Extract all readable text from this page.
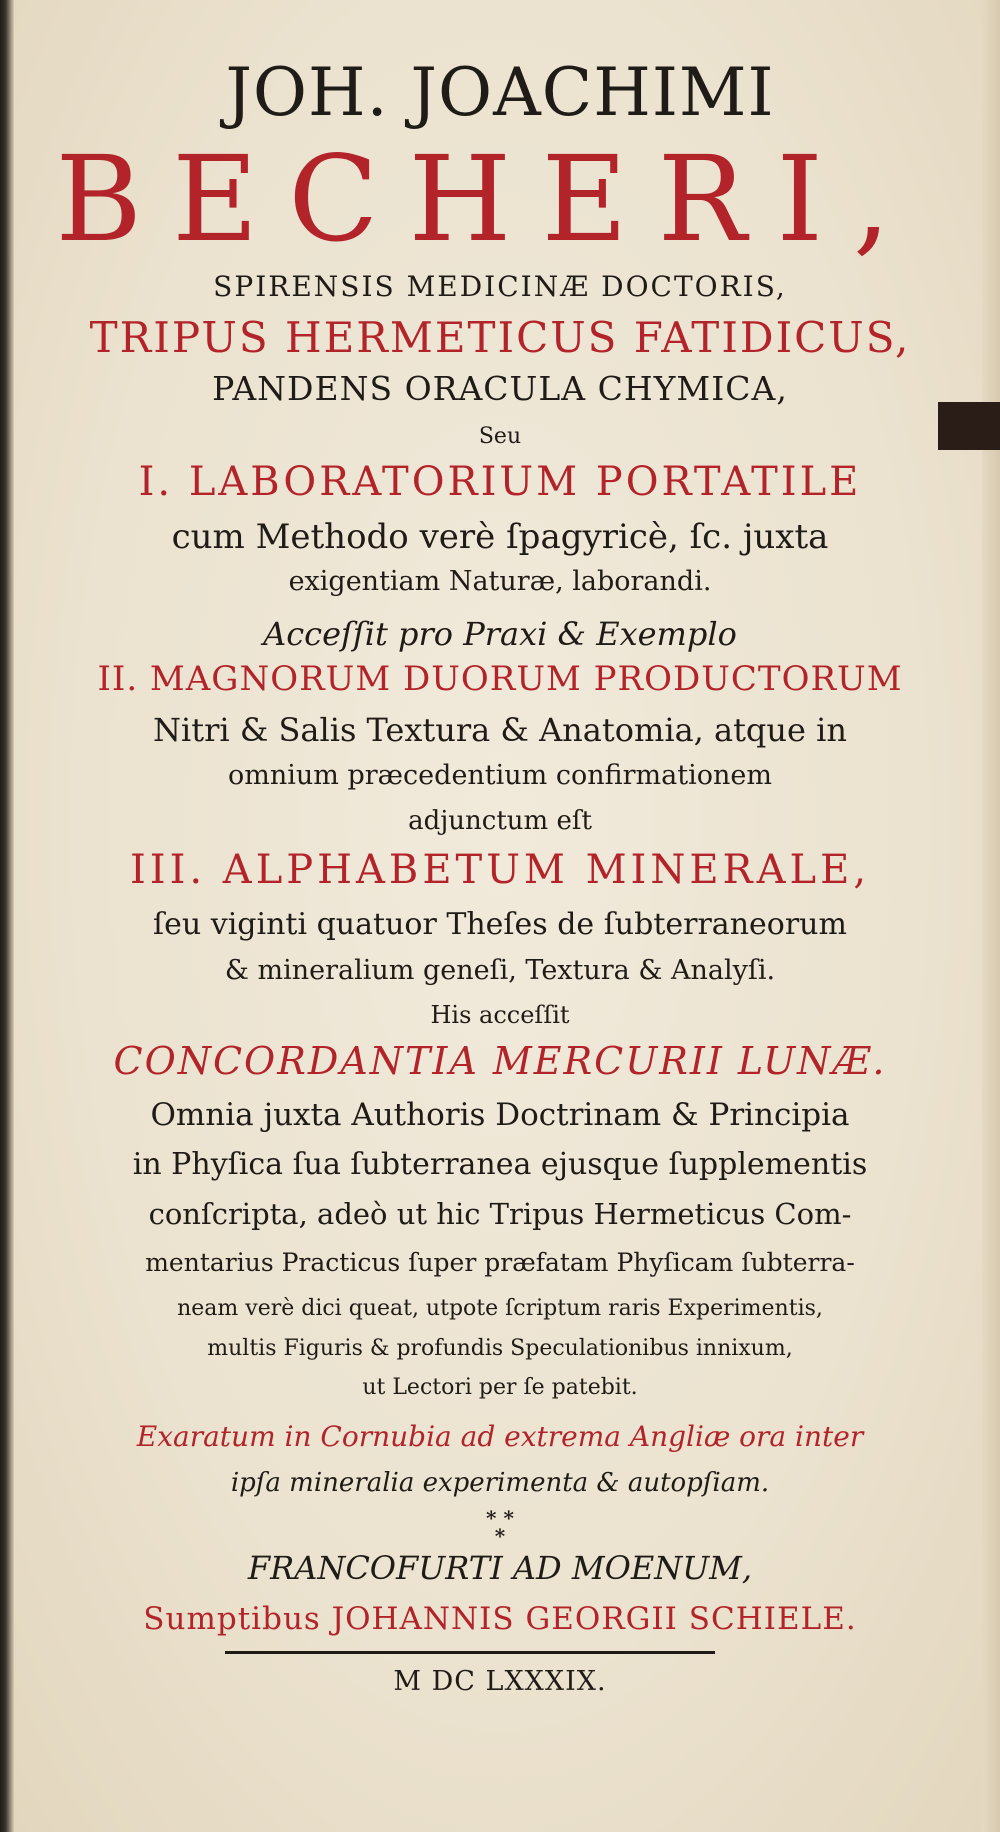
JOH. JOACHIMI
BECHERI,
SPIRENSIS MEDICINÆ DOCTORIS,
TRIPUS HERMETICUS FATIDICUS,
PANDENS ORACULA CHYMICA,
Seu
I. LABORATORIUM PORTATILE
cum Methodo verè ſpagyricè, ſc. juxta
exigentiam Naturæ, laborandi.
Acceſſit pro Praxi & Exemplo
II. MAGNORUM DUORUM PRODUCTORUM
Nitri & Salis Textura & Anatomia, atque in
omnium præcedentium confirmationem
adjunctum eſt
III. ALPHABETUM MINERALE,
ſeu viginti quatuor Theſes de ſubterraneorum
& mineralium geneſi, Textura & Analyſi.
His acceſſit
CONCORDANTIA MERCURII LUNÆ.
Omnia juxta Authoris Doctrinam & Principia
in Phyſica ſua ſubterranea ejusque ſupplementis
conſcripta, adeò ut hic Tripus Hermeticus Com-
mentarius Practicus ſuper præfatam Phyſicam ſubterra-
neam verè dici queat, utpote ſcriptum raris Experimentis,
multis Figuris & profundis Speculationibus innixum,
ut Lectori per ſe patebit.
Exaratum in Cornubia ad extrema Angliæ ora inter
ipſa mineralia experimenta & autopſiam.
* *
*
FRANCOFURTI AD MOENUM,
Sumptibus JOHANNIS GEORGII SCHIELE.
M DC LXXXIX.
